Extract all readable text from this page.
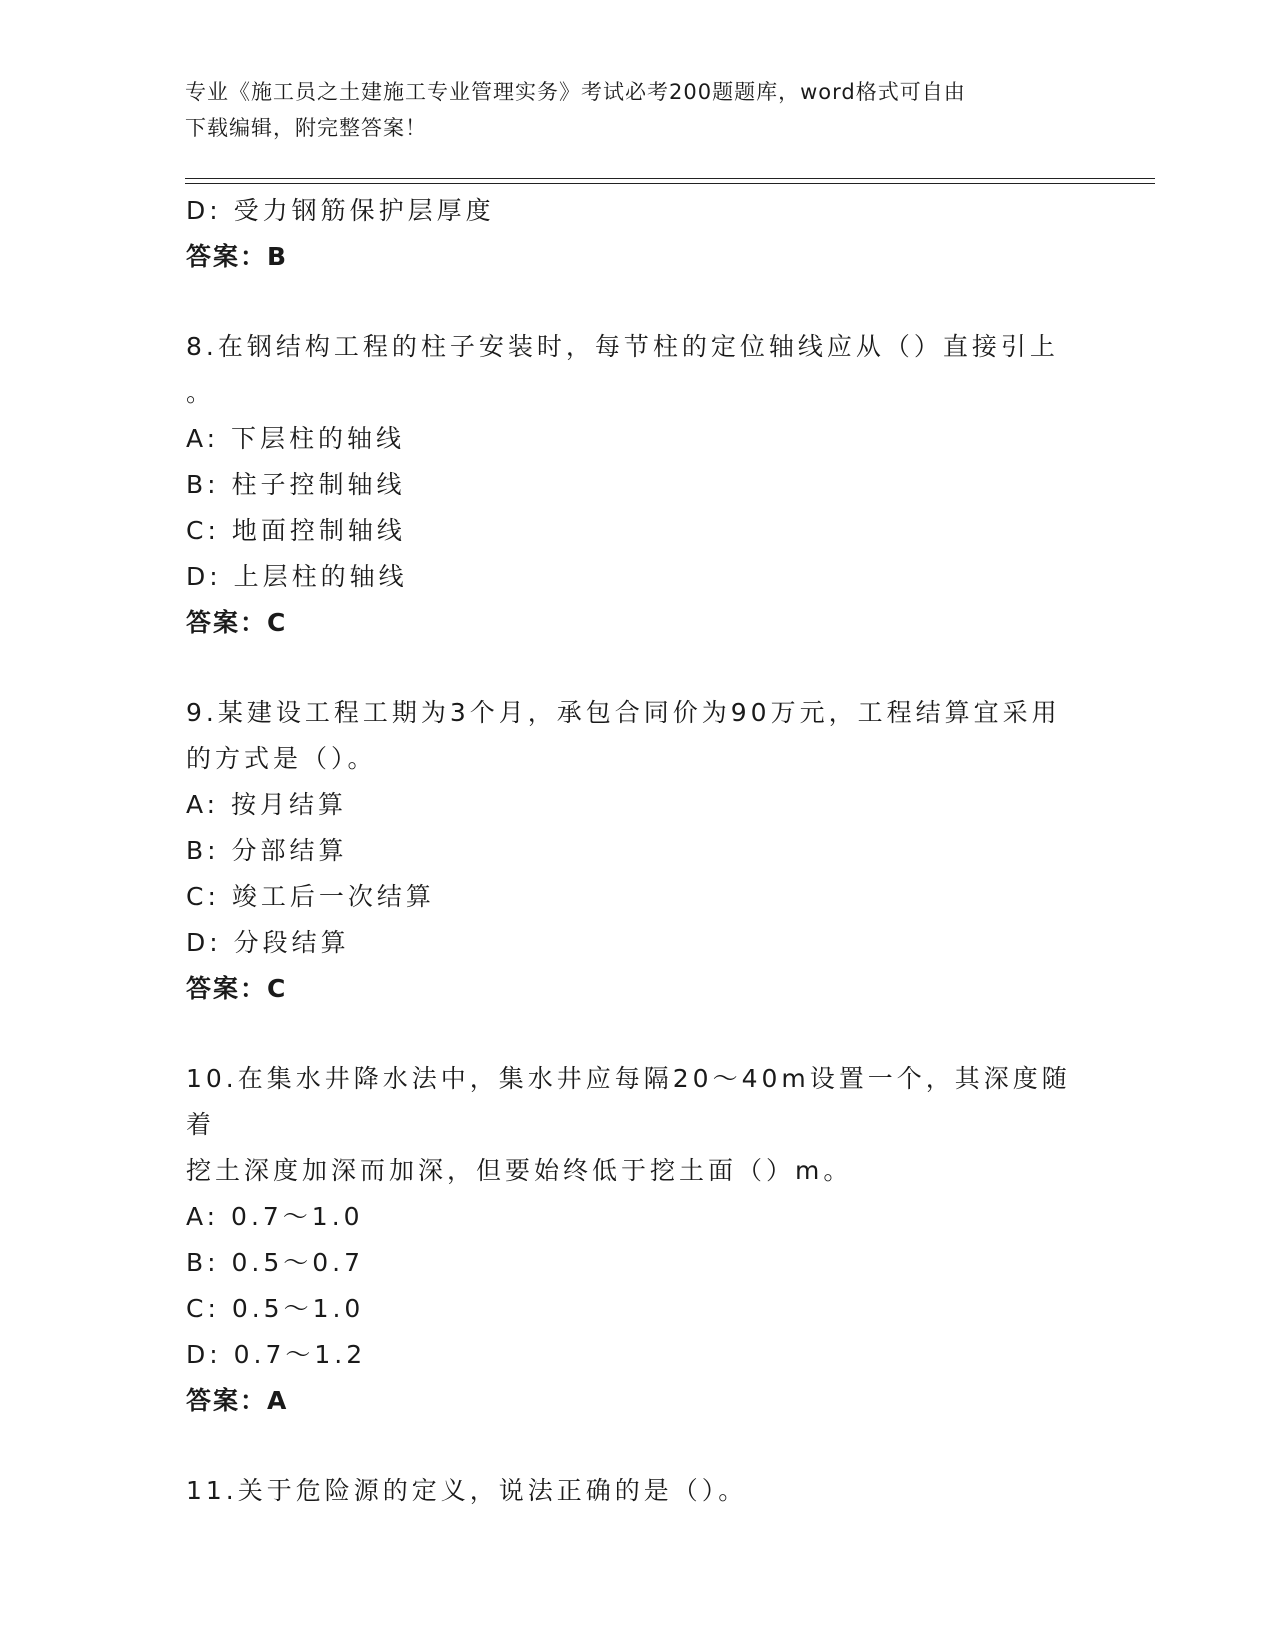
专业《施工员之土建施工专业管理实务》考试必考200题题库，word格式可自由
下载编辑，附完整答案！
D: 受力钢筋保护层厚度
答案：B
8.在钢结构工程的柱子安装时，每节柱的定位轴线应从（）直接引上
。
A: 下层柱的轴线
B: 柱子控制轴线
C: 地面控制轴线
D: 上层柱的轴线
答案：C
9.某建设工程工期为3个月，承包合同价为90万元，工程结算宜采用
的方式是（）。
A: 按月结算
B: 分部结算
C: 竣工后一次结算
D: 分段结算
答案：C
10.在集水井降水法中，集水井应每隔20～40m设置一个，其深度随着
挖土深度加深而加深，但要始终低于挖土面（）m。
A: 0.7～1.0
B: 0.5～0.7
C: 0.5～1.0
D: 0.7～1.2
答案：A
11.关于危险源的定义，说法正确的是（）。
